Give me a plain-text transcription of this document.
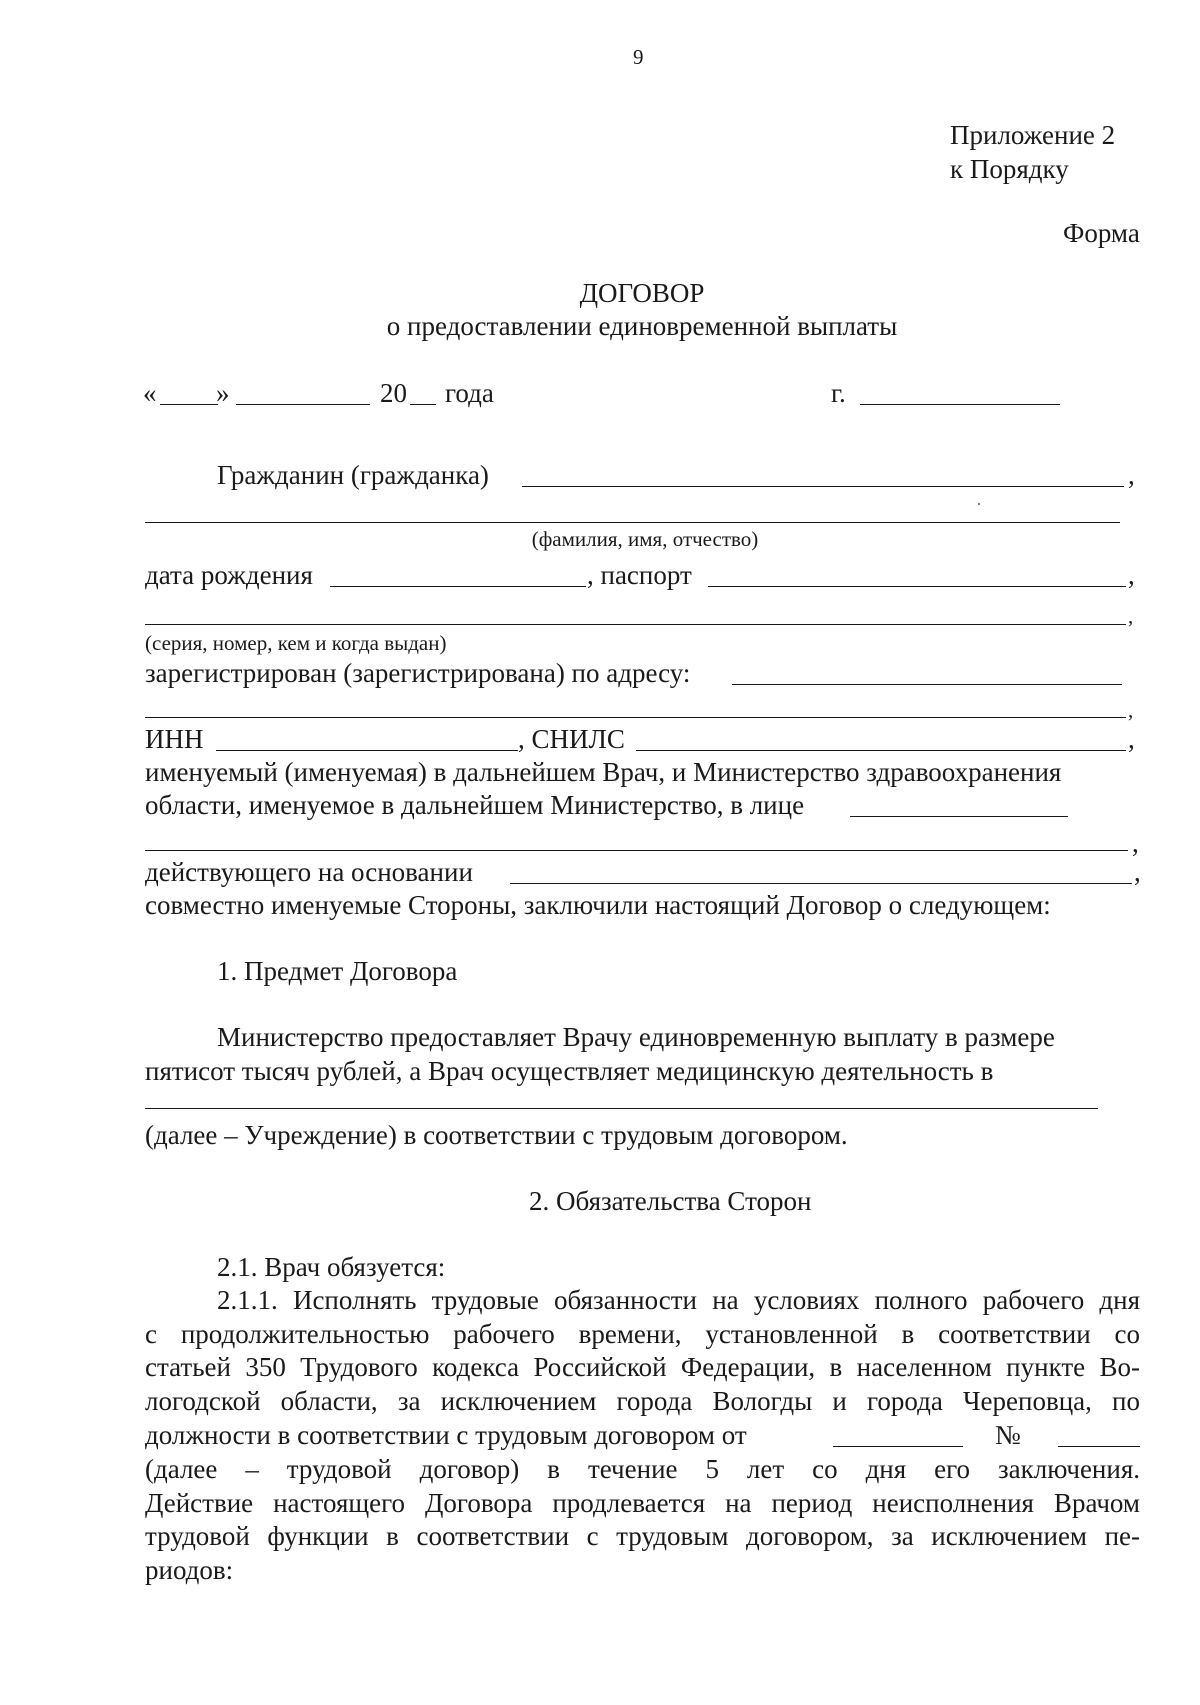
9
Приложение 2
к Порядку
Форма
ДОГОВОР
о предоставлении единовременной выплаты
« »	20 года	г.
Гражданин (гражданка)	,
(фамилия, имя, отчество)
дата рождения	, паспорт	,
,
(серия, номер, кем и когда выдан)
зарегистрирован (зарегистрирована) по адресу:
,
ИНН	, СНИЛС	,
именуемый (именуемая) в дальнейшем Врач, и Министерство здравоохранения
области, именуемое в дальнейшем Министерство, в лице
,
действующего на основании	,
совместно именуемые Стороны, заключили настоящий Договор о следующем:
1. Предмет Договора
Министерство предоставляет Врачу единовременную выплату в размере
пятисот тысяч рублей, а Врач осуществляет медицинскую деятельность в
(далее – Учреждение) в соответствии с трудовым договором.
2. Обязательства Сторон
2.1. Врач обязуется:
2.1.1. Исполнять трудовые обязанности на условиях полного рабочего дня
с продолжительностью рабочего времени, установленной в соответствии со
статьей 350 Трудового кодекса Российской Федерации, в населенном пункте Во-
логодской области, за исключением города Вологды и города Череповца, по
должности в соответствии с трудовым договором от	№
(далее – трудовой договор) в течение 5 лет со дня его заключения.
Действие настоящего Договора продлевается на период неисполнения Врачом
трудовой функции в соответствии с трудовым договором, за исключением пе-
риодов:
